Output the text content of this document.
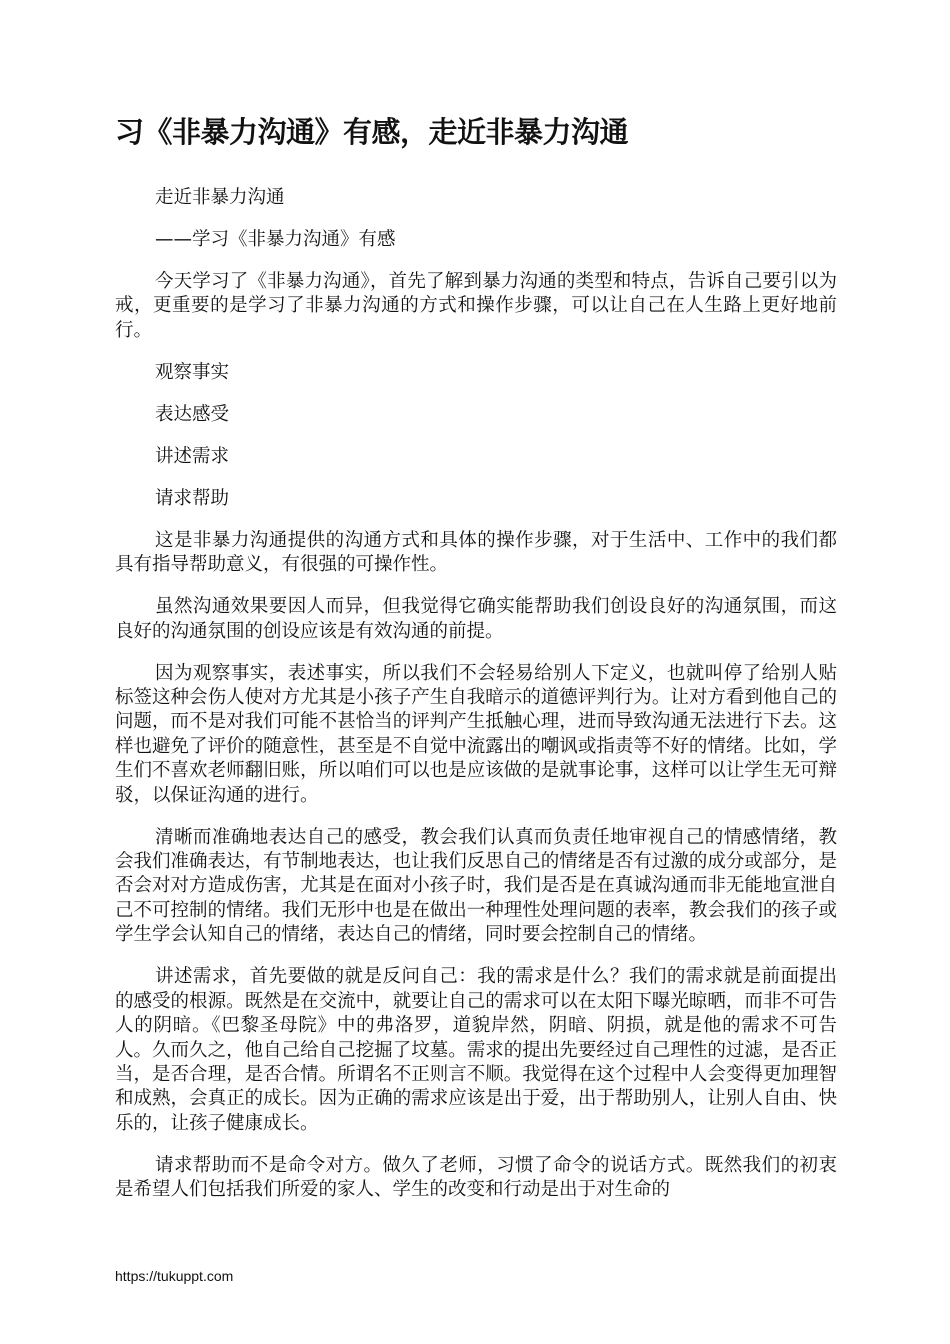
习《非暴力沟通》有感，走近非暴力沟通

走近非暴力沟通

——学习《非暴力沟通》有感

今天学习了《非暴力沟通》，首先了解到暴力沟通的类型和特点，告诉自己要引以为戒，更重要的是学习了非暴力沟通的方式和操作步骤，可以让自己在人生路上更好地前行。

观察事实

表达感受

讲述需求

请求帮助

这是非暴力沟通提供的沟通方式和具体的操作步骤，对于生活中、工作中的我们都具有指导帮助意义，有很强的可操作性。

虽然沟通效果要因人而异，但我觉得它确实能帮助我们创设良好的沟通氛围，而这良好的沟通氛围的创设应该是有效沟通的前提。

因为观察事实，表述事实，所以我们不会轻易给别人下定义，也就叫停了给别人贴标签这种会伤人使对方尤其是小孩子产生自我暗示的道德评判行为。让对方看到他自己的问题，而不是对我们可能不甚恰当的评判产生抵触心理，进而导致沟通无法进行下去。这样也避免了评价的随意性，甚至是不自觉中流露出的嘲讽或指责等不好的情绪。比如，学生们不喜欢老师翻旧账，所以咱们可以也是应该做的是就事论事，这样可以让学生无可辩驳，以保证沟通的进行。

清晰而准确地表达自己的感受，教会我们认真而负责任地审视自己的情感情绪，教会我们准确表达，有节制地表达，也让我们反思自己的情绪是否有过激的成分或部分，是否会对对方造成伤害，尤其是在面对小孩子时，我们是否是在真诚沟通而非无能地宣泄自己不可控制的情绪。我们无形中也是在做出一种理性处理问题的表率，教会我们的孩子或学生学会认知自己的情绪，表达自己的情绪，同时要会控制自己的情绪。

讲述需求，首先要做的就是反问自己：我的需求是什么？我们的需求就是前面提出的感受的根源。既然是在交流中，就要让自己的需求可以在太阳下曝光晾晒，而非不可告人的阴暗。《巴黎圣母院》中的弗洛罗，道貌岸然，阴暗、阴损，就是他的需求不可告人。久而久之，他自己给自己挖掘了坟墓。需求的提出先要经过自己理性的过滤，是否正当，是否合理，是否合情。所谓名不正则言不顺。我觉得在这个过程中人会变得更加理智和成熟，会真正的成长。因为正确的需求应该是出于爱，出于帮助别人，让别人自由、快乐的，让孩子健康成长。

请求帮助而不是命令对方。做久了老师，习惯了命令的说话方式。既然我们的初衷是希望人们包括我们所爱的家人、学生的改变和行动是出于对生命的

https://tukuppt.com
